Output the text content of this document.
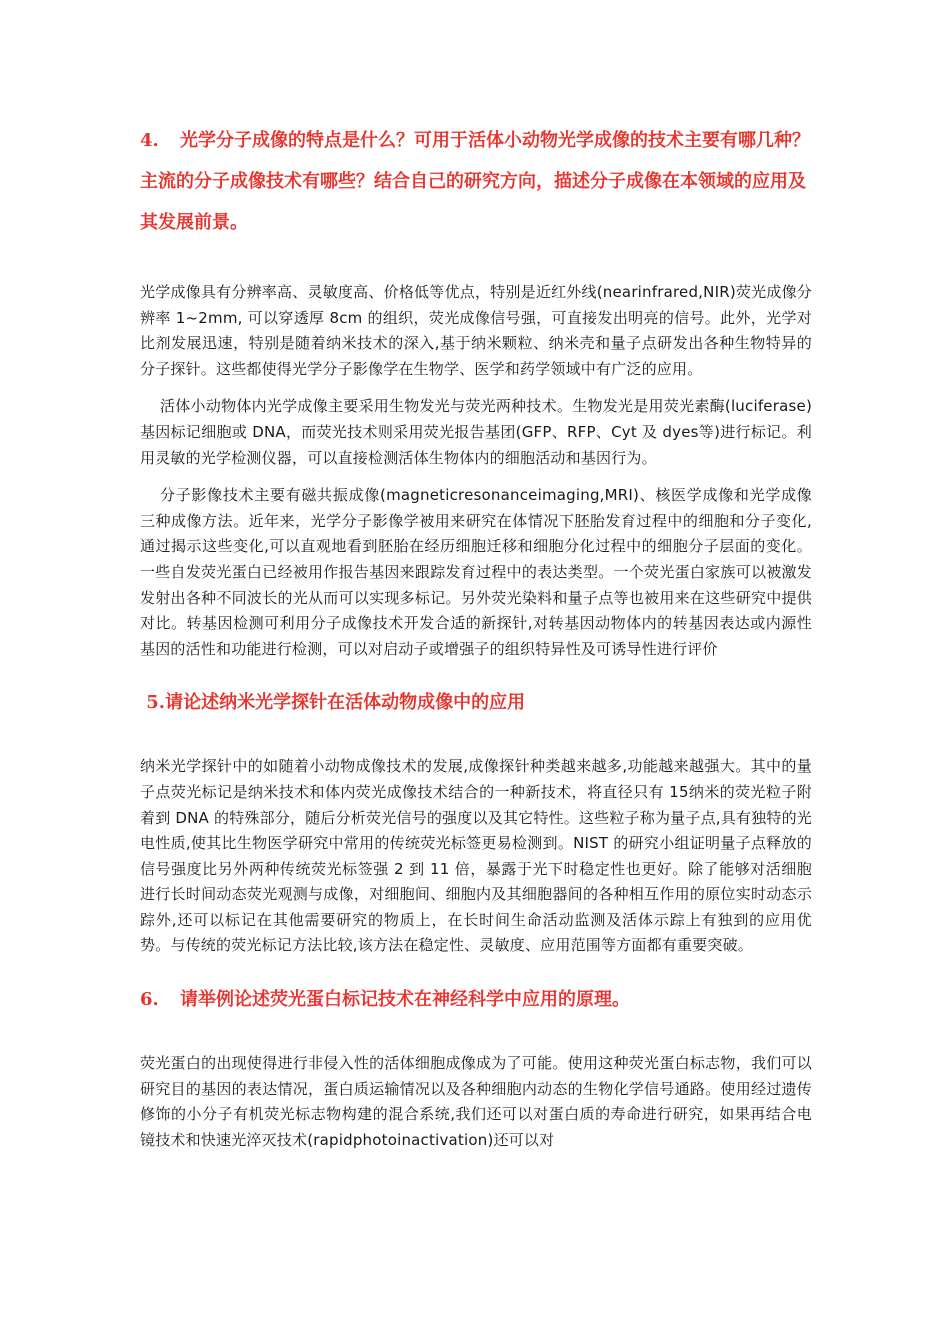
4. 光学分子成像的特点是什么？可用于活体小动物光学成像的技术主要有哪几种？主流的分子成像技术有哪些？结合自己的研究方向，描述分子成像在本领域的应用及其发展前景。

光学成像具有分辨率高、灵敏度高、价格低等优点，特别是近红外线(nearinfrared,NIR)荧光成像分辨率 1~2mm, 可以穿透厚 8cm 的组织，荧光成像信号强，可直接发出明亮的信号。此外，光学对比剂发展迅速，特别是随着纳米技术的深入,基于纳米颗粒、纳米壳和量子点研发出各种生物特异的分子探针。这些都使得光学分子影像学在生物学、医学和药学领域中有广泛的应用。

活体小动物体内光学成像主要采用生物发光与荧光两种技术。生物发光是用荧光素酶(luciferase)基因标记细胞或 DNA，而荧光技术则采用荧光报告基团(GFP、RFP、Cyt 及 dyes等)进行标记。利用灵敏的光学检测仪器，可以直接检测活体生物体内的细胞活动和基因行为。

分子影像技术主要有磁共振成像(magneticresonanceimaging,MRI)、核医学成像和光学成像三种成像方法。近年来，光学分子影像学被用来研究在体情况下胚胎发育过程中的细胞和分子变化,通过揭示这些变化,可以直观地看到胚胎在经历细胞迁移和细胞分化过程中的细胞分子层面的变化。一些自发荧光蛋白已经被用作报告基因来跟踪发育过程中的表达类型。一个荧光蛋白家族可以被激发发射出各种不同波长的光从而可以实现多标记。另外荧光染料和量子点等也被用来在这些研究中提供对比。转基因检测可利用分子成像技术开发合适的新探针,对转基因动物体内的转基因表达或内源性基因的活性和功能进行检测，可以对启动子或增强子的组织特异性及可诱导性进行评价

5.请论述纳米光学探针在活体动物成像中的应用

纳米光学探针中的如随着小动物成像技术的发展,成像探针种类越来越多,功能越来越强大。其中的量子点荧光标记是纳米技术和体内荧光成像技术结合的一种新技术，将直径只有 15纳米的荧光粒子附着到 DNA 的特殊部分，随后分析荧光信号的强度以及其它特性。这些粒子称为量子点,具有独特的光电性质,使其比生物医学研究中常用的传统荧光标签更易检测到。NIST 的研究小组证明量子点释放的信号强度比另外两种传统荧光标签强 2 到 11 倍，暴露于光下时稳定性也更好。除了能够对活细胞进行长时间动态荧光观测与成像，对细胞间、细胞内及其细胞器间的各种相互作用的原位实时动态示踪外,还可以标记在其他需要研究的物质上，在长时间生命活动监测及活体示踪上有独到的应用优势。与传统的荧光标记方法比较,该方法在稳定性、灵敏度、应用范围等方面都有重要突破。

6. 请举例论述荧光蛋白标记技术在神经科学中应用的原理。

荧光蛋白的出现使得进行非侵入性的活体细胞成像成为了可能。使用这种荧光蛋白标志物，我们可以研究目的基因的表达情况，蛋白质运输情况以及各种细胞内动态的生物化学信号通路。使用经过遗传修饰的小分子有机荧光标志物构建的混合系统,我们还可以对蛋白质的寿命进行研究，如果再结合电镜技术和快速光淬灭技术(rapidphotoinactivation)还可以对
